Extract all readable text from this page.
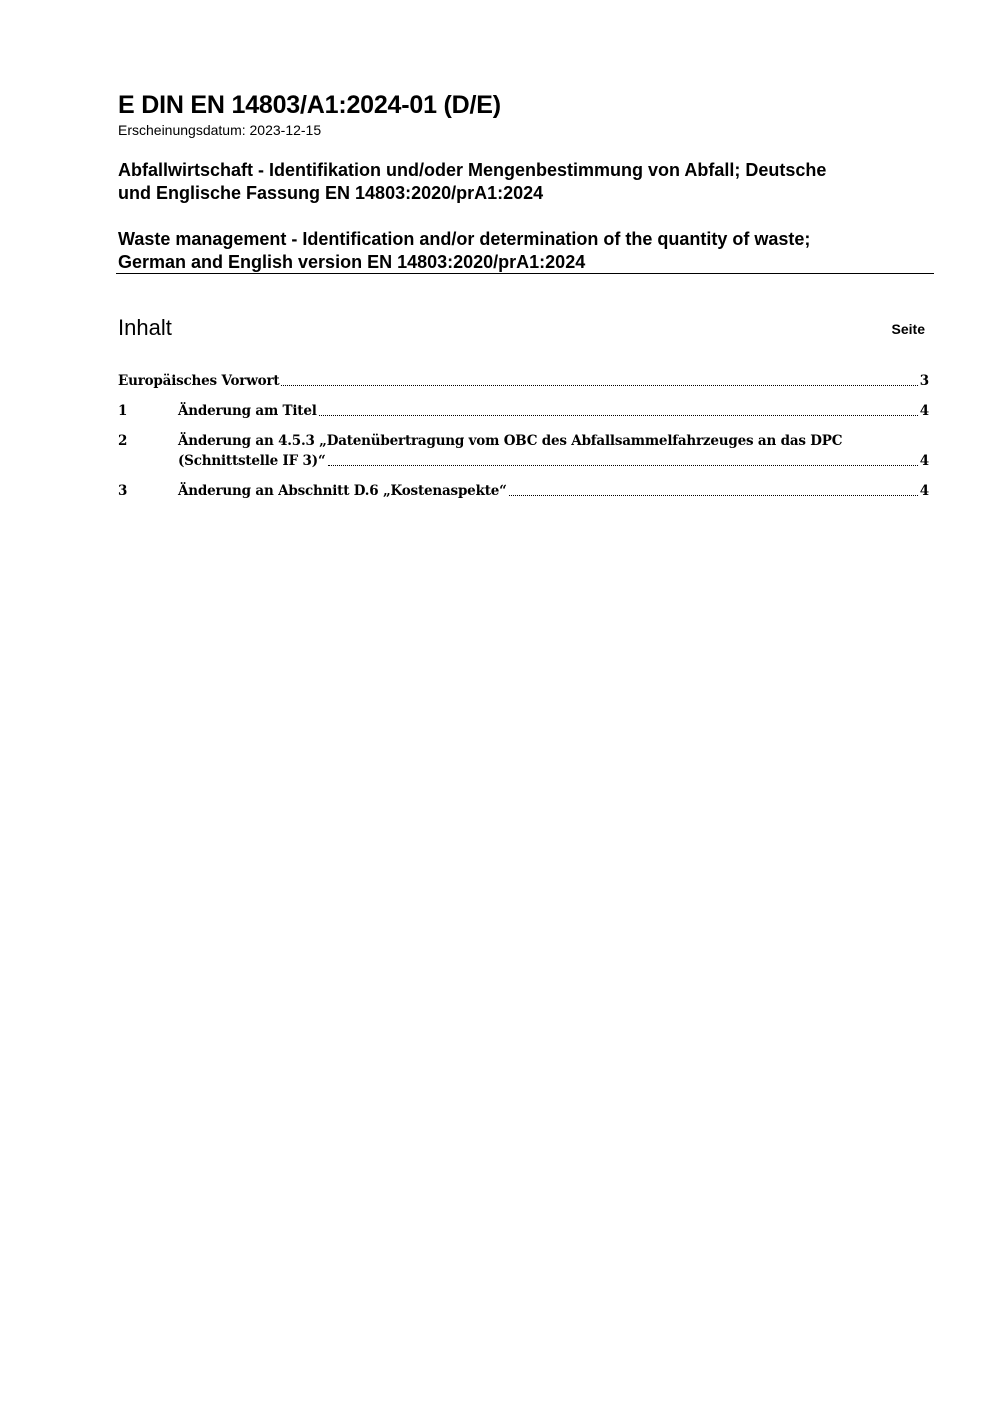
E DIN EN 14803/A1:2024-01 (D/E)
Erscheinungsdatum: 2023-12-15
Abfallwirtschaft - Identifikation und/oder Mengenbestimmung von Abfall; Deutsche
und Englische Fassung EN 14803:2020/prA1:2024
Waste management - Identification and/or determination of the quantity of waste;
German and English version EN 14803:2020/prA1:2024
Inhalt	Seite
Europäisches Vorwort	3
1	Änderung am Titel	4
2	Änderung an 4.5.3 „Datenübertragung vom OBC des Abfallsammelfahrzeuges an das DPC
(Schnittstelle IF 3)“	4
3	Änderung an Abschnitt D.6 „Kostenaspekte“	4
